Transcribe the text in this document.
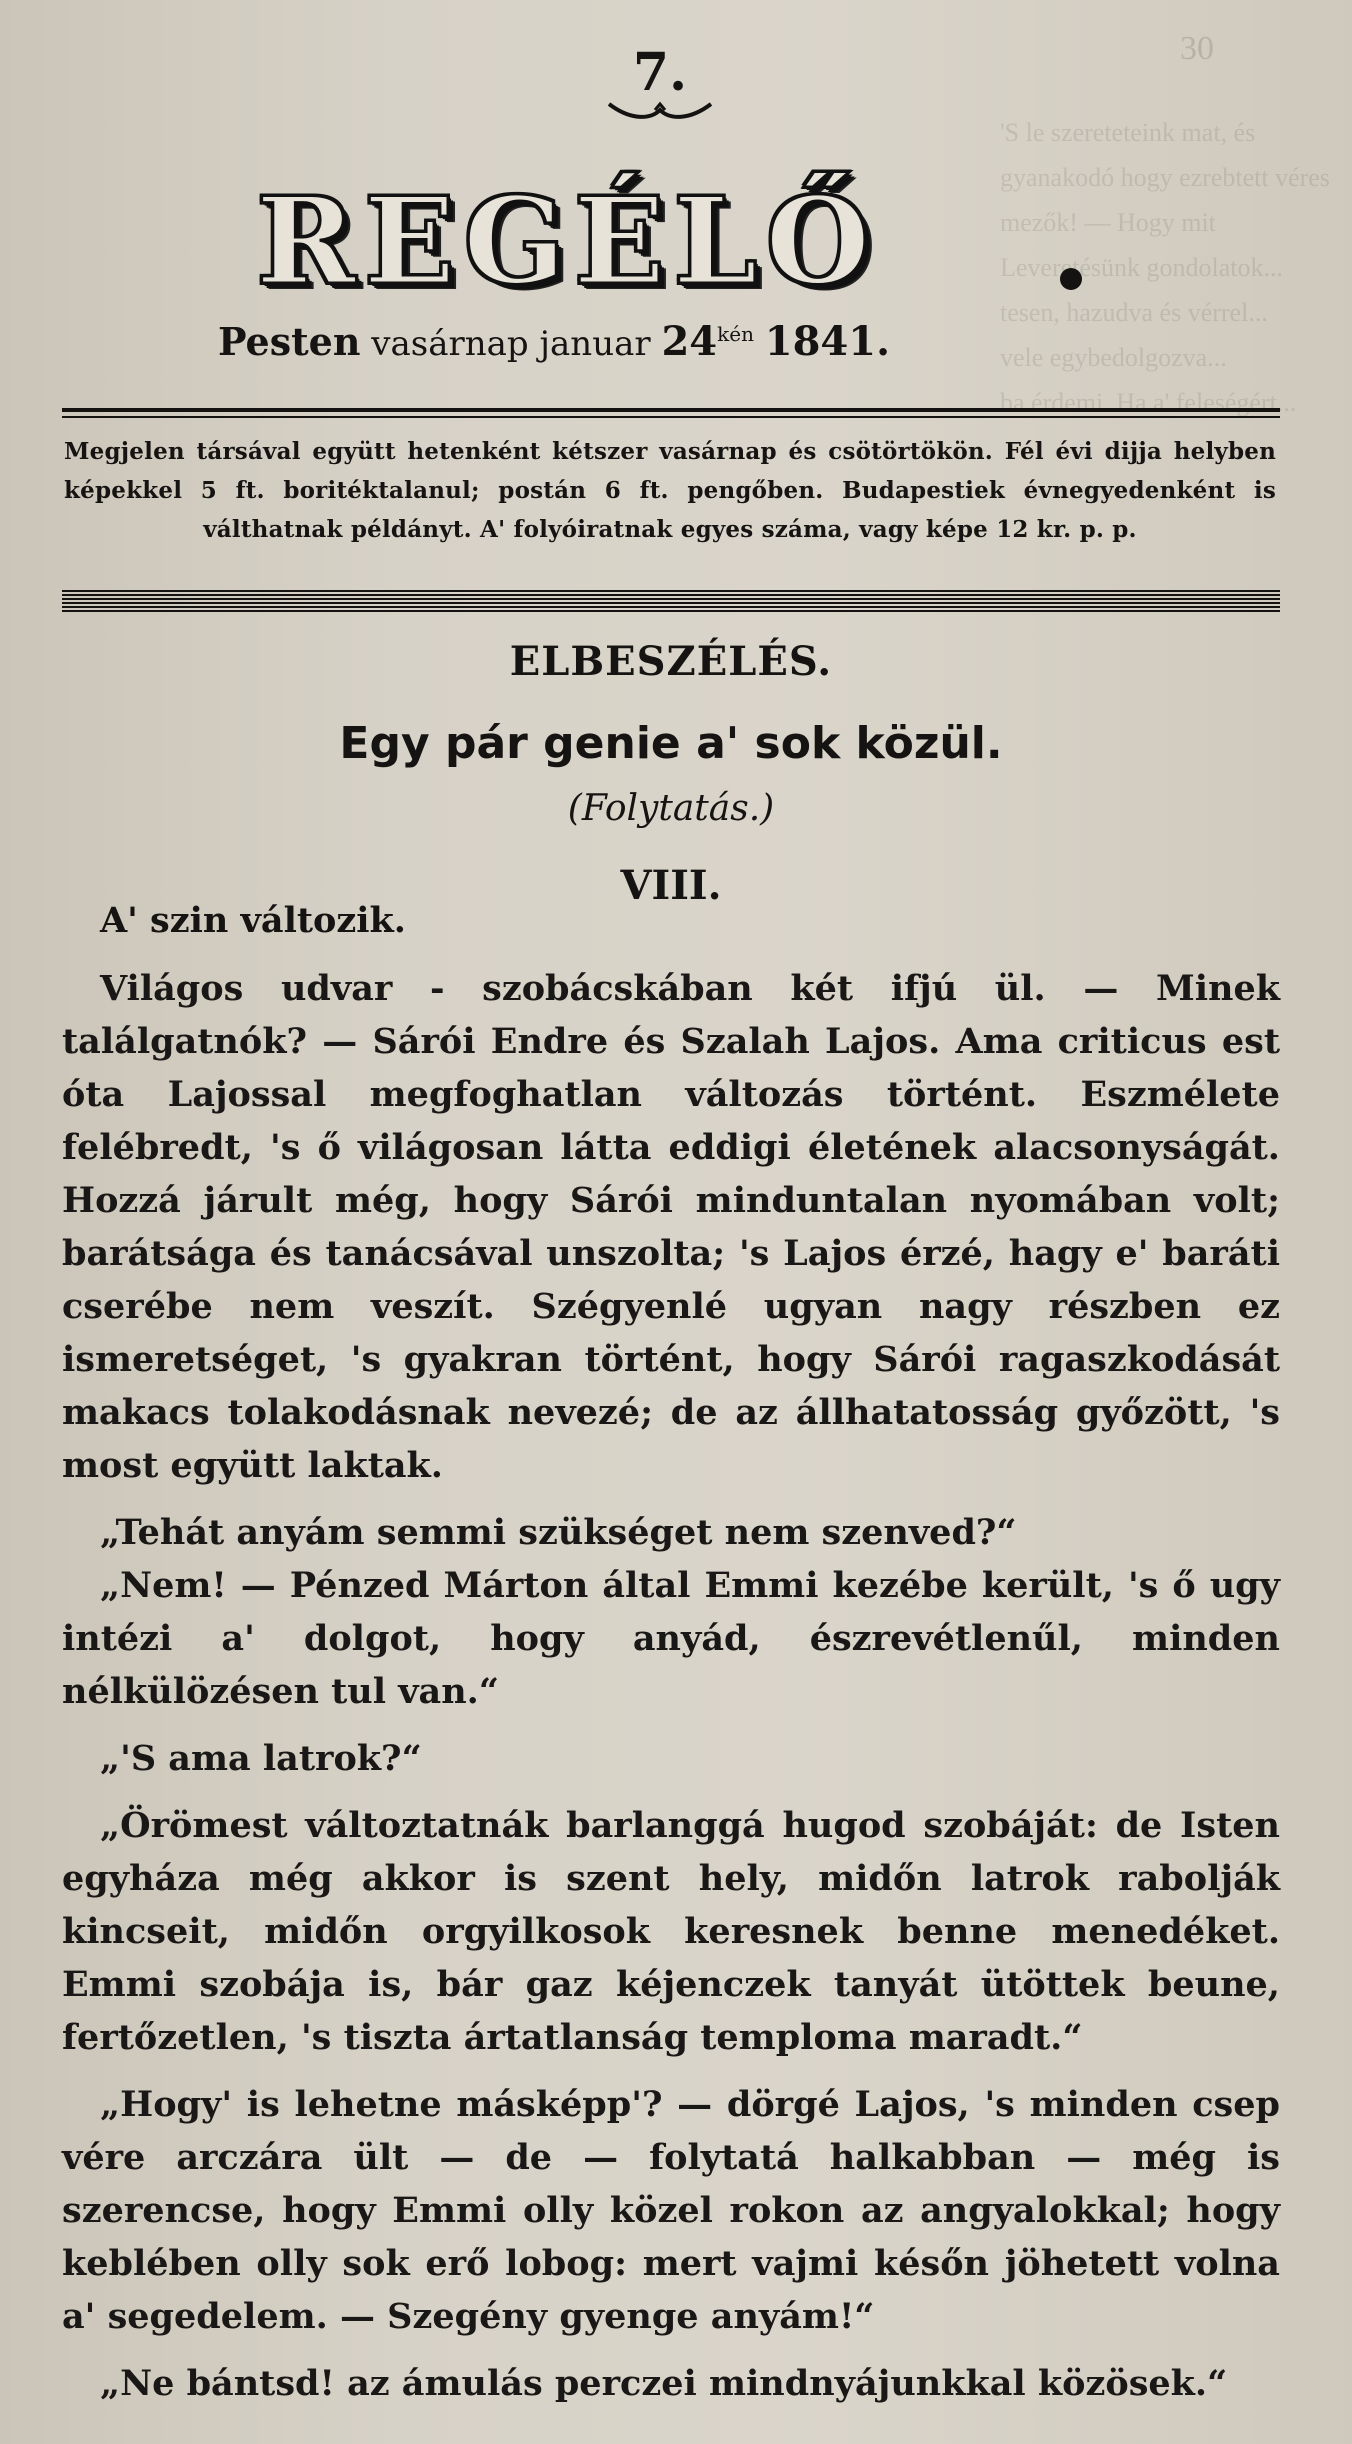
30
'S le szereteteink mat, és gyanakodó hogy ezrebtett véres — Hogy mit
gondolatok...
tesen, hazudva és vérrel...
vele egybedolgozva...
ba érdemi. Ha a' feleségért...
7.
REGÉLŐ
Pesten vasárnap januar $24^{kén}$ 1841.
Megjelen társával együtt hetenként kétszer vasárnap és csötörtökön. Fél évi dijja helyben képekkel 5 ft. boritéktalanul; postán 6 ft. pengőben. Budapestiek évnegyedenként is válthatnak példányt. A' folyóiratnak egyes száma, vagy képe 12 kr. p. p.
ELBESZÉLÉS.
Egy pár genie a' sok közül.
(Folytatás.)
VIII.
A' szin változik.

Világos udvar - szobácskában két ifjú ül. — Minek találgatnók? — Sárói Endre és Szalah Lajos. Ama criticus est óta Lajossal megfoghatlan változás történt. Eszmélete felébredt, 's ő világosan látta eddigi életének alacsonyságát. Hozzá járult még, hogy Sárói minduntalan nyomában volt; barátsága és tanácsával unszolta; 's Lajos érzé, hagy e' baráti cserébe nem veszít. Szégyenlé ugyan nagy részben ez ismeretséget, 's gyakran történt, hogy Sárói ragaszkodását makacs tolakodásnak nevezé; de az állhatatosság győzött, 's most együtt laktak.

„Tehát anyám semmi szükséget nem szenved?“

„Nem! — Pénzed Márton által Emmi kezébe került, 's ő ugy intézi a' dolgot, hogy anyád, észrevétlenűl, minden nélkülözésen tul van.“

„'S ama latrok?“

„Örömest változtatnák barlanggá hugod szobáját: de Isten egyháza még akkor is szent hely, midőn latrok rabolják kincseit, midőn orgyilkosok keresnek benne menedéket. Emmi szobája is, bár gaz kéjenczek tanyát ütöttek beune, fertőzetlen, 's tiszta ártatlanság temploma maradt.“

„Hogy' is lehetne másképp'? — dörgé Lajos, 's minden csep vére arczára ült — de — folytatá halkabban — még is szerencse, hogy Emmi olly közel rokon az angyalokkal; hogy keblében olly sok erő lobog: mert vajmi későn jöhetett volna a' segedelem. — Szegény gyenge anyám!“

„Ne bántsd! az ámulás perczei mindnyájunkkal közösek.“
